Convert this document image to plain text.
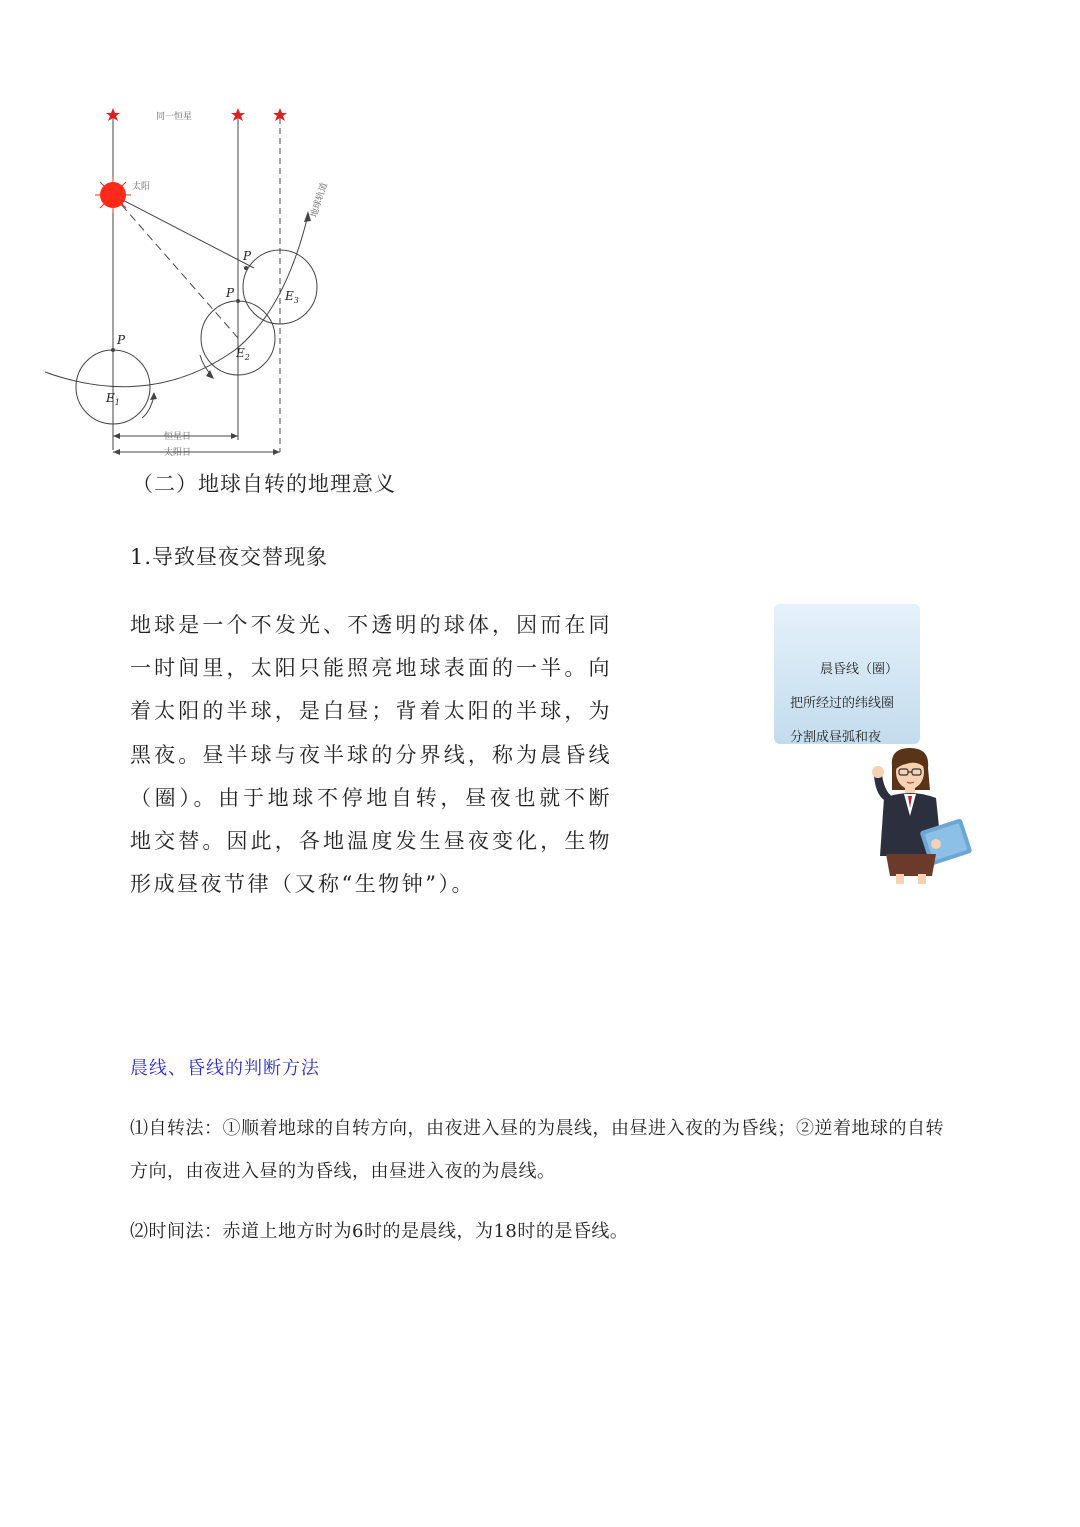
同一恒星
太阳	地球轨道
恒星日
太阳日
P
P
P
$E_1$
$E_2$
$E_3$
（二）地球自转的地理意义
1.导致昼夜交替现象

地球是一个不发光、不透明的球体，因而在同一时间里，太阳只能照亮地球表面的一半。向着太阳的半球，是白昼；背着太阳的半球，为黑夜。昼半球与夜半球的分界线，称为晨昏线（圈）。由于地球不停地自转，昼夜也就不断地交替。因此，各地温度发生昼夜变化，生物形成昼夜节律（又称“生物钟”）。

晨昏线（圈）
把所经过的纬线圈
分割成昼弧和夜
晨线、昏线的判断方法

⑴自转法：①顺着地球的自转方向，由夜进入昼的为晨线，由昼进入夜的为昏线；②逆着地球的自转方向，由夜进入昼的为昏线，由昼进入夜的为晨线。

⑵时间法：赤道上地方时为6时的是晨线，为18时的是昏线。
